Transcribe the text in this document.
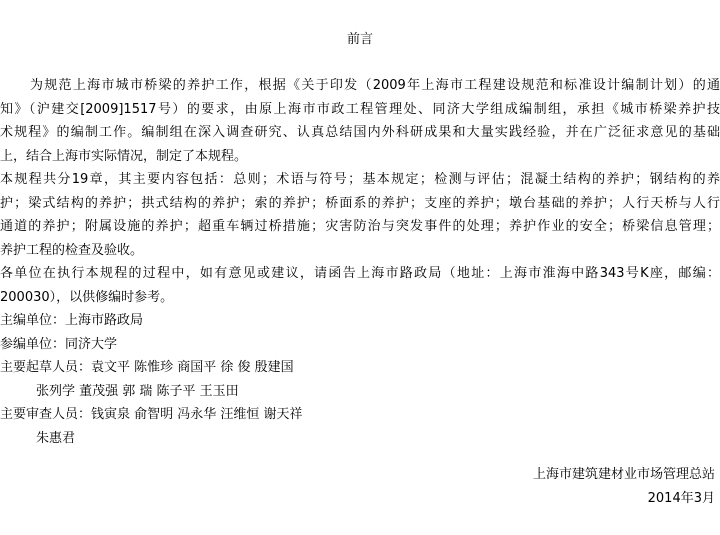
前言
为规范上海市城市桥梁的养护工作，根据《关于印发（2009年上海市工程建设规范和标准设计编制计划）的通
知》（沪建交[2009]1517号）的要求，由原上海市市政工程管理处、同济大学组成编制组，承担《城市桥梁养护技
术规程》的编制工作。编制组在深入调查研究、认真总结国内外科研成果和大量实践经验，并在广泛征求意见的基础
上，结合上海市实际情况，制定了本规程。
本规程共分19章，其主要内容包括：总则；术语与符号；基本规定；检测与评估；混凝土结构的养护；钢结构的养
护；梁式结构的养护；拱式结构的养护；索的养护；桥面系的养护；支座的养护；墩台基础的养护；人行天桥与人行
通道的养护；附属设施的养护；超重车辆过桥措施；灾害防治与突发事件的处理；养护作业的安全；桥梁信息管理；
养护工程的检查及验收。
各单位在执行本规程的过程中，如有意见或建议，请函告上海市路政局（地址：上海市淮海中路343号K座，邮编：
200030），以供修编时参考。
主编单位：上海市路政局
参编单位：同济大学
主要起草人员：袁文平 陈惟珍 商国平 徐 俊 殷建国
张列学 董茂强 郭 瑞 陈子平 王玉田
主要审查人员：钱寅泉 俞智明 冯永华 汪维恒 谢天祥
朱惠君
上海市建筑建材业市场管理总站
2014年3月
